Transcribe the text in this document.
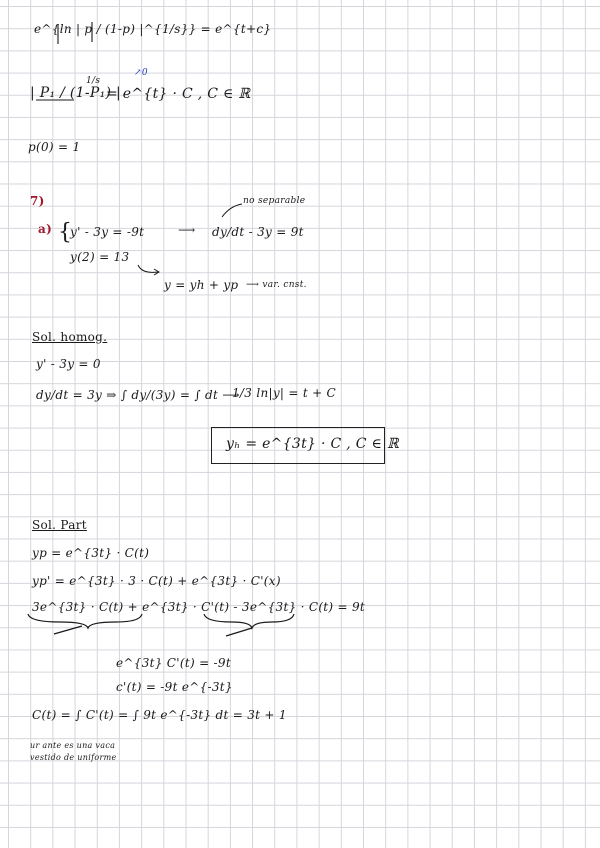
e^{ln | p / (1-p) |^{1/s}} = e^{t+c}
| P₁ / (1-P₁) |
1/s
= e^{t} · C , C ∈ ℝ
↗0
p(0) = 1
7)	no separable
a) {
y' - 3y = -9t	⟶ dy/dt - 3y = 9t
y(2) = 13
y = yh + yp ⟶ var. cnst.
Sol. homog.
y' - 3y = 0
dy/dt = 3y ⇒ ∫ dy/(3y) = ∫ dt ⟶
1/3 ln|y| = t + C
yₕ = e^{3t} · C , C ∈ ℝ
Sol. Part
yp = e^{3t} · C(t)
yp' = e^{3t} · 3 · C(t) + e^{3t} · C'(x)
3e^{3t} · C(t) + e^{3t} · C'(t) - 3e^{3t} · C(t) = 9t
e^{3t} C'(t) = -9t
c'(t) = -9t e^{-3t}
C(t) = ∫ C'(t) = ∫ 9t e^{-3t} dt = 3t + 1
ur ante es una vaca
vestido de uniforme
